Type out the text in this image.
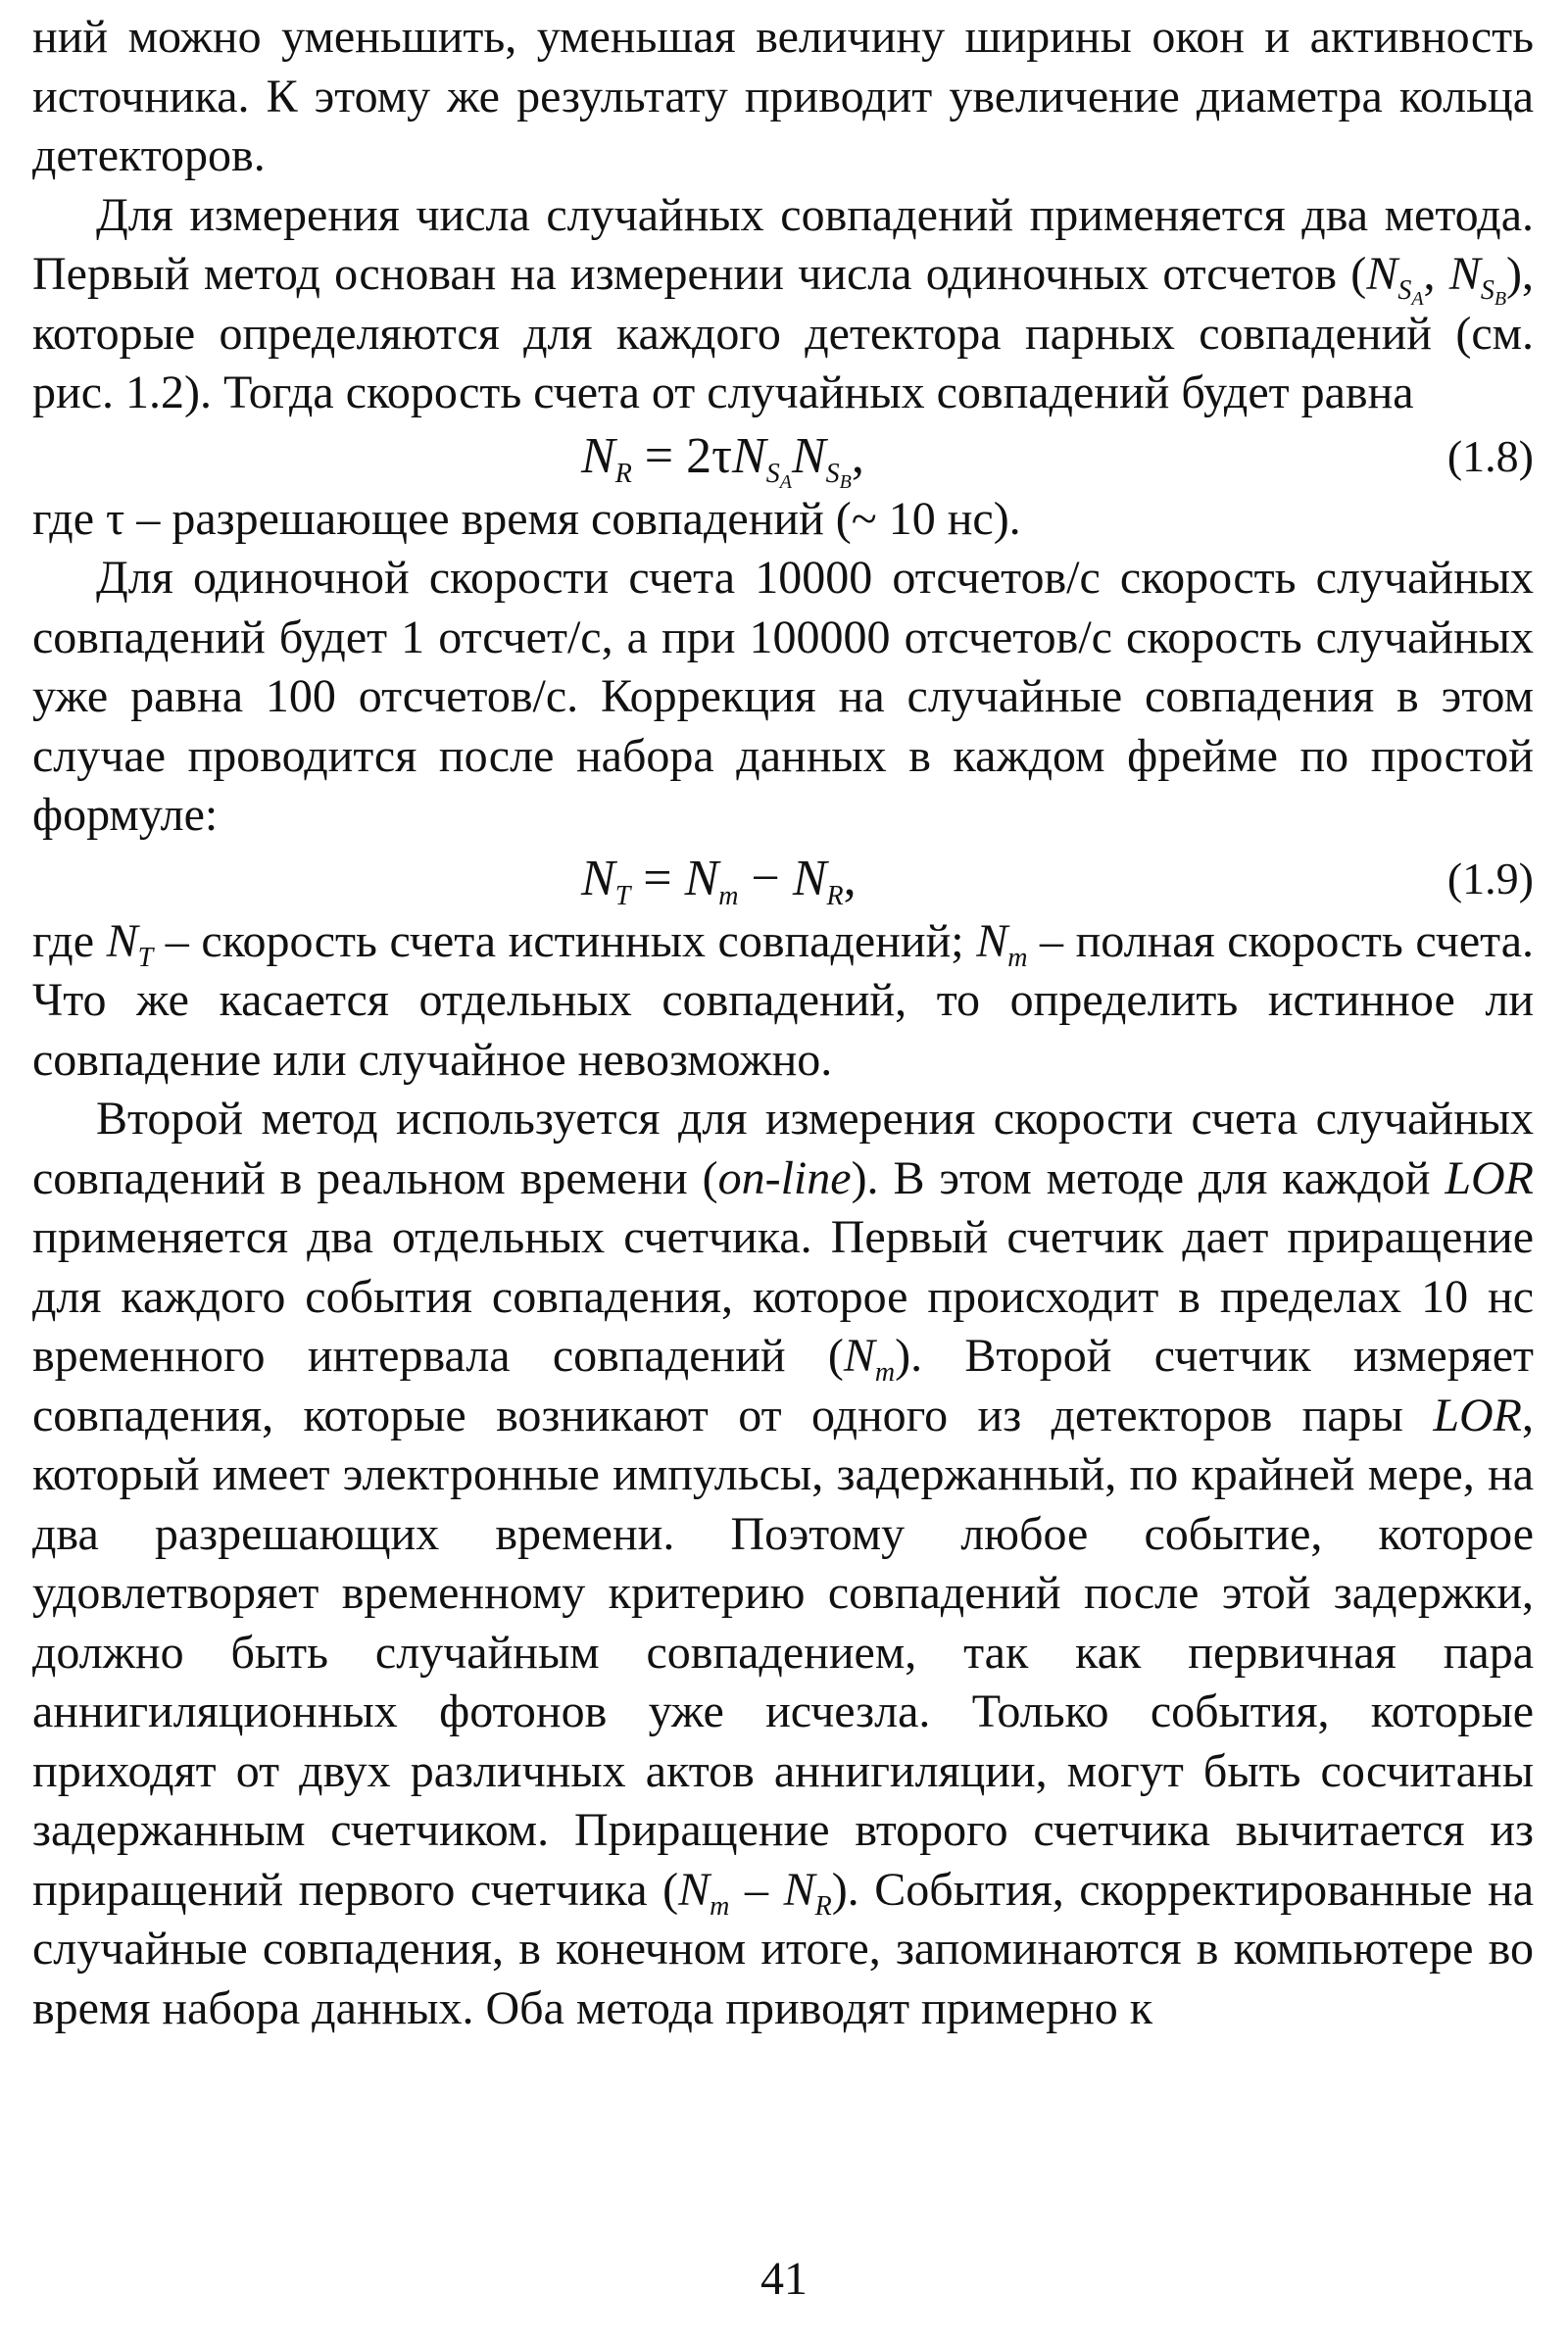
ний можно уменьшить, уменьшая величину ширины окон и активность источника. К этому же результату приводит увеличение диаметра кольца детекторов.

Для измерения числа случайных совпадений применяется два метода. Первый метод основан на измерении числа одиночных отсчетов ($N_{S_A}$, $N_{S_B}$), которые определяются для каждого детектора парных совпадений (см. рис. 1.2). Тогда скорость счета от случайных совпадений будет равна

$N_R = 2\tau N_{S_A}N_{S_B}$,	(1.8)

где τ – разрешающее время совпадений (~ 10 нс).

Для одиночной скорости счета 10000 отсчетов/с скорость случайных совпадений будет 1 отсчет/с, а при 100000 отсчетов/с скорость случайных уже равна 100 отсчетов/с. Коррекция на случайные совпадения в этом случае проводится после набора данных в каждом фрейме по простой формуле:

$N_T = N_m - N_R$,	(1.9)

где $N_T$ – скорость счета истинных совпадений; $N_m$ – полная скорость счета. Что же касается отдельных совпадений, то определить истинное ли совпадение или случайное невозможно.

Второй метод используется для измерения скорости счета случайных совпадений в реальном времени (on-line). В этом методе для каждой LOR применяется два отдельных счетчика. Первый счетчик дает приращение для каждого события совпадения, которое происходит в пределах 10 нс временного интервала совпадений $(N_m)$. Второй счетчик измеряет совпадения, которые возникают от одного из детекторов пары LOR, который имеет электронные импульсы, задержанный, по крайней мере, на два разрешающих времени. Поэтому любое событие, которое удовлетворяет временному критерию совпадений после этой задержки, должно быть случайным совпадением, так как первичная пара аннигиляционных фотонов уже исчезла. Только события, которые приходят от двух различных актов аннигиляции, могут быть сосчитаны задержанным счетчиком. Приращение второго счетчика вычитается из приращений первого счетчика $(N_m - N_R)$. События, скорректированные на случайные совпадения, в конечном итоге, запоминаются в компьютере во время набора данных. Оба метода приводят примерно к

41
